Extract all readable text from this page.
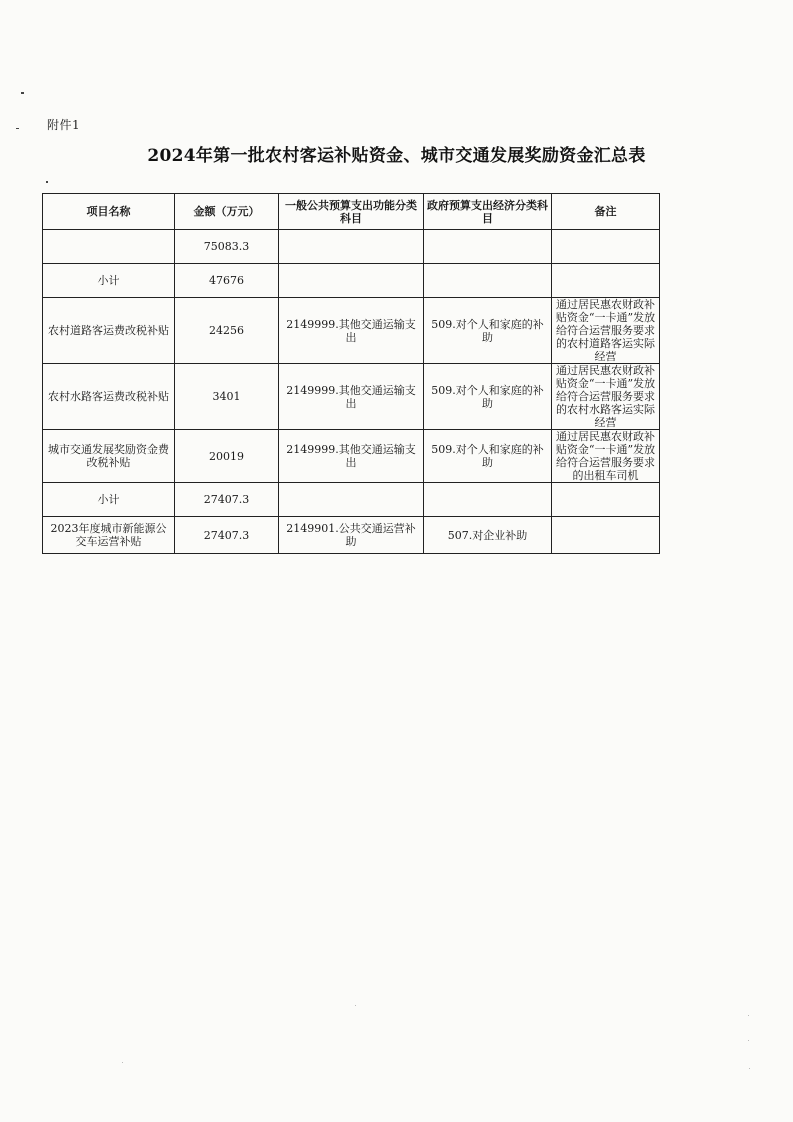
附件1
2024年第一批农村客运补贴资金、城市交通发展奖励资金汇总表
项目名称	金额（万元）	一般公共预算支出功能分类科目	政府预算支出经济分类科目	备注
	75083.3			
小计	47676			
农村道路客运费改税补贴	24256	2149999.其他交通运输支出	509.对个人和家庭的补助	通过居民惠农财政补贴资金“一卡通”发放给符合运营服务要求的农村道路客运实际经营
农村水路客运费改税补贴	3401	2149999.其他交通运输支出	509.对个人和家庭的补助	通过居民惠农财政补贴资金“一卡通”发放给符合运营服务要求的农村水路客运实际经营
城市交通发展奖励资金费改税补贴	20019	2149999.其他交通运输支出	509.对个人和家庭的补助	通过居民惠农财政补贴资金“一卡通”发放给符合运营服务要求的出租车司机
小计	27407.3			
2023年度城市新能源公交车运营补贴	27407.3	2149901.公共交通运营补助	507.对企业补助	
